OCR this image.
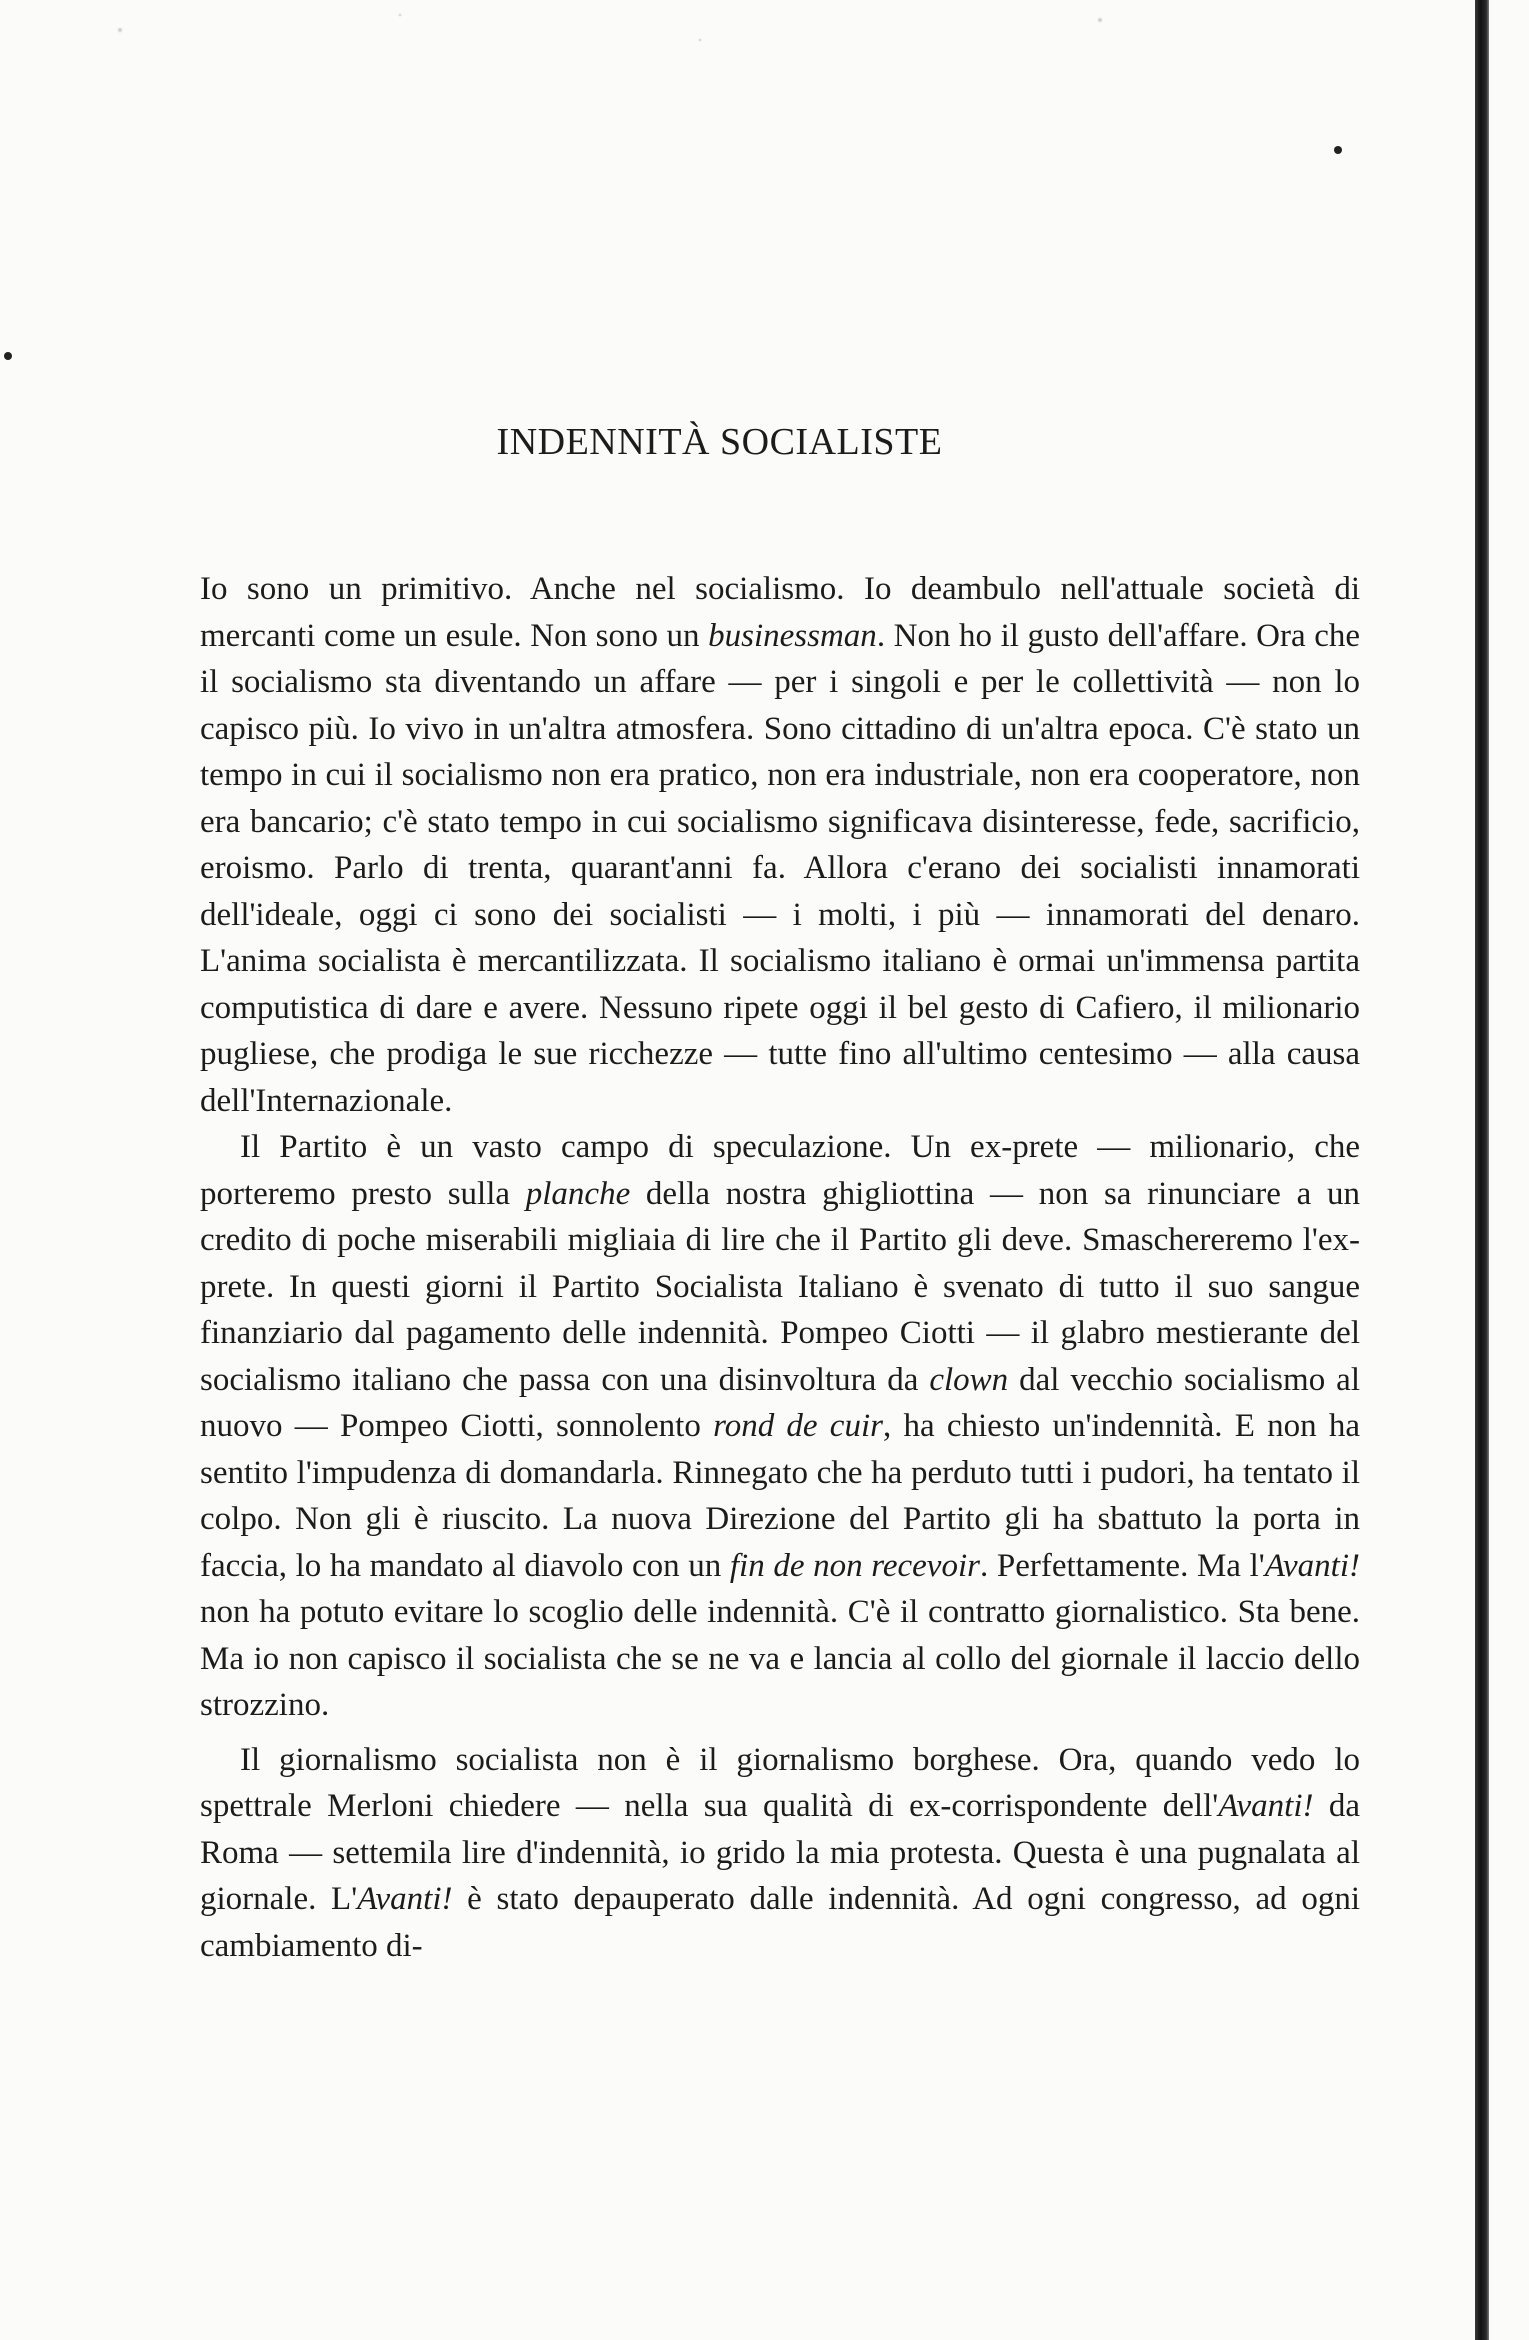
INDENNITÀ SOCIALISTE

Io sono un primitivo. Anche nel socialismo. Io deambulo nell'attuale società di mercanti come un esule. Non sono un businessman. Non ho il gusto dell'affare. Ora che il socialismo sta diventando un affare — per i singoli e per le collettività — non lo capisco più. Io vivo in un'altra atmosfera. Sono cittadino di un'altra epoca. C'è stato un tempo in cui il socialismo non era pratico, non era industriale, non era cooperatore, non era bancario; c'è stato tempo in cui socialismo significava disinteresse, fede, sacrificio, eroismo. Parlo di trenta, quarant'anni fa. Allora c'erano dei socialisti innamorati dell'ideale, oggi ci sono dei socialisti — i molti, i più — innamorati del denaro. L'anima socialista è mercantilizzata. Il socialismo italiano è ormai un'immensa partita computistica di dare e avere. Nessuno ripete oggi il bel gesto di Cafiero, il milionario pugliese, che prodiga le sue ricchezze — tutte fino all'ultimo centesimo — alla causa dell'Internazionale.

Il Partito è un vasto campo di speculazione. Un ex-prete — milionario, che porteremo presto sulla planche della nostra ghigliottina — non sa rinunciare a un credito di poche miserabili migliaia di lire che il Partito gli deve. Smaschereremo l'ex-prete. In questi giorni il Partito Socialista Italiano è svenato di tutto il suo sangue finanziario dal pagamento delle indennità. Pompeo Ciotti — il glabro mestierante del socialismo italiano che passa con una disinvoltura da clown dal vecchio socialismo al nuovo — Pompeo Ciotti, sonnolento rond de cuir, ha chiesto un'indennità. E non ha sentito l'impudenza di domandarla. Rinnegato che ha perduto tutti i pudori, ha tentato il colpo. Non gli è riuscito. La nuova Direzione del Partito gli ha sbattuto la porta in faccia, lo ha mandato al diavolo con un fin de non recevoir. Perfettamente. Ma l'Avanti! non ha potuto evitare lo scoglio delle indennità. C'è il contratto giornalistico. Sta bene. Ma io non capisco il socialista che se ne va e lancia al collo del giornale il laccio dello strozzino.

Il giornalismo socialista non è il giornalismo borghese. Ora, quando vedo lo spettrale Merloni chiedere — nella sua qualità di ex-corrispondente dell'Avanti! da Roma — settemila lire d'indennità, io grido la mia protesta. Questa è una pugnalata al giornale. L'Avanti! è stato depauperato dalle indennità. Ad ogni congresso, ad ogni cambiamento di-
